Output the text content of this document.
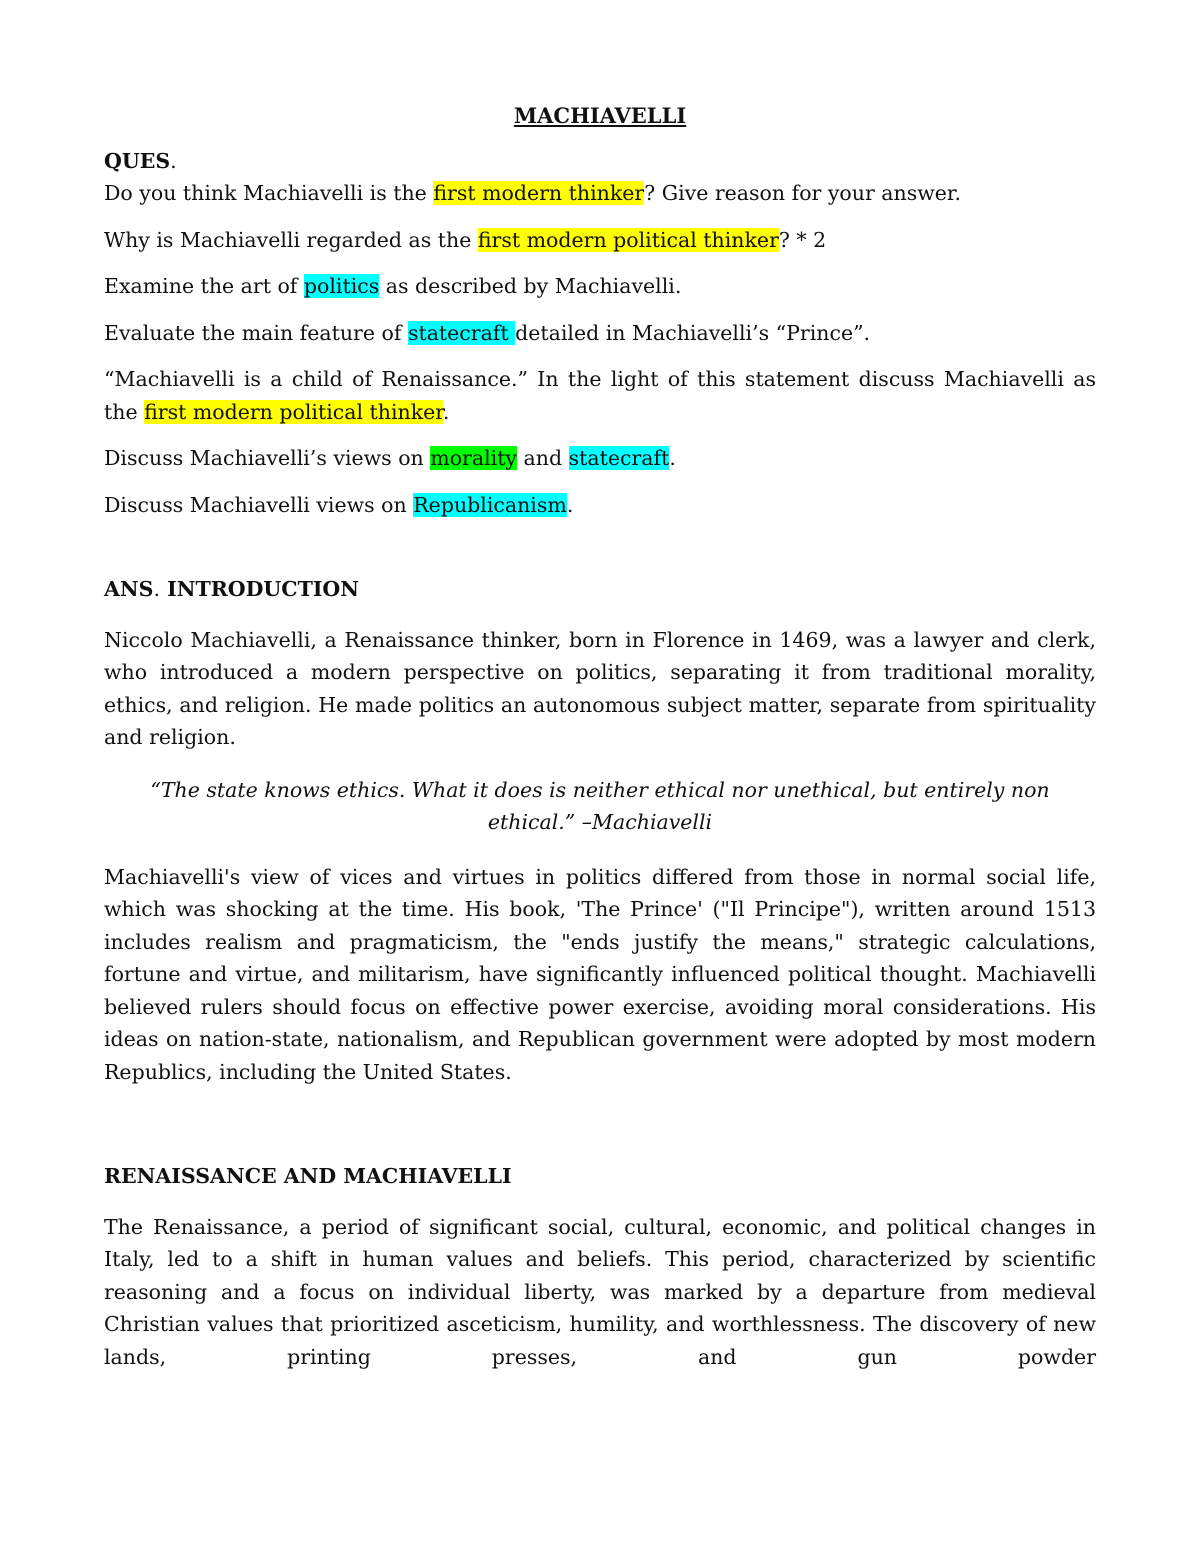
MACHIAVELLI

QUES.

Do you think Machiavelli is the first modern thinker? Give reason for your answer.

Why is Machiavelli regarded as the first modern political thinker? * 2

Examine the art of politics as described by Machiavelli.

Evaluate the main feature of statecraft detailed in Machiavelli’s “Prince”.

“Machiavelli is a child of Renaissance.” In the light of this statement discuss Machiavelli as the first modern political thinker.

Discuss Machiavelli’s views on morality and statecraft.

Discuss Machiavelli views on Republicanism.

ANS. INTRODUCTION

Niccolo Machiavelli, a Renaissance thinker, born in Florence in 1469, was a lawyer and clerk, who introduced a modern perspective on politics, separating it from traditional morality, ethics, and religion. He made politics an autonomous subject matter, separate from spirituality and religion.

“The state knows ethics. What it does is neither ethical nor unethical, but entirely non ethical.” –Machiavelli

Machiavelli's view of vices and virtues in politics differed from those in normal social life, which was shocking at the time. His book, 'The Prince' ("Il Principe"), written around 1513 includes realism and pragmaticism, the "ends justify the means," strategic calculations, fortune and virtue, and militarism, have significantly influenced political thought. Machiavelli believed rulers should focus on effective power exercise, avoiding moral considerations. His ideas on nation-state, nationalism, and Republican government were adopted by most modern Republics, including the United States.

RENAISSANCE AND MACHIAVELLI

The Renaissance, a period of significant social, cultural, economic, and political changes in Italy, led to a shift in human values and beliefs. This period, characterized by scientific reasoning and a focus on individual liberty, was marked by a departure from medieval Christian values that prioritized asceticism, humility, and worthlessness. The discovery of new lands, printing presses, and gun powder
